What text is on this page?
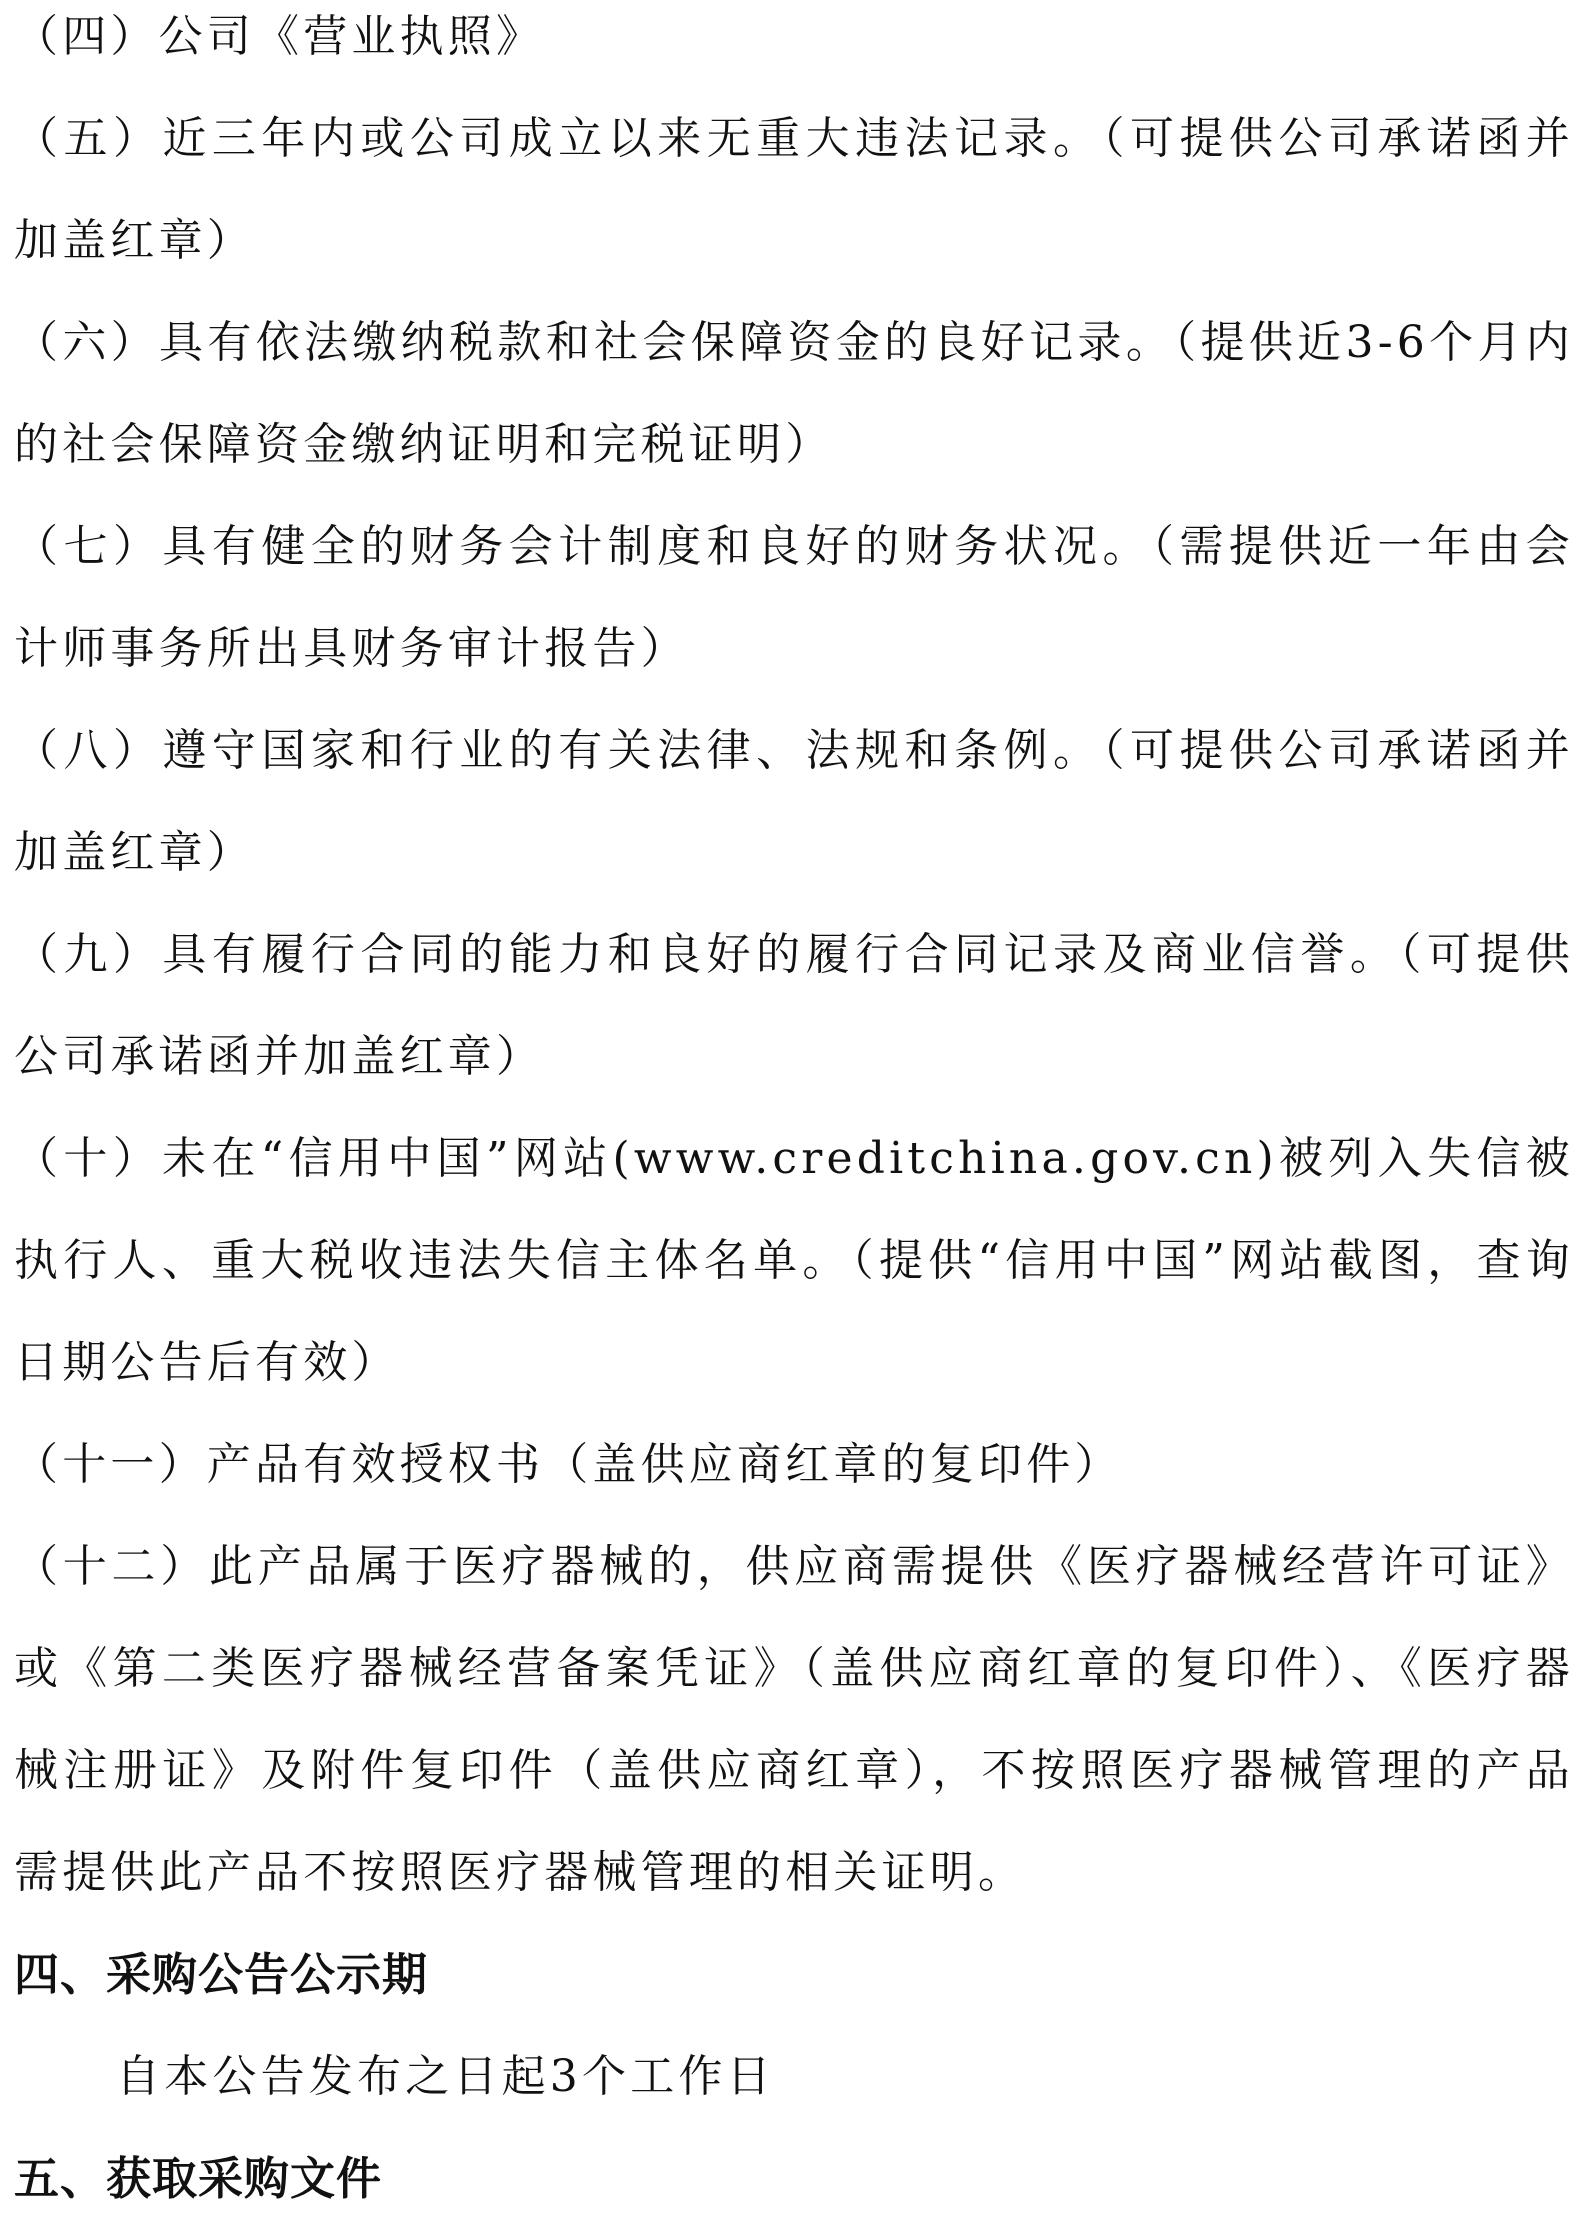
（四）公司《营业执照》

（五）近三年内或公司成立以来无重大违法记录。（可提供公司承诺函并加盖红章）

（六）具有依法缴纳税款和社会保障资金的良好记录。（提供近3-6个月内的社会保障资金缴纳证明和完税证明）

（七）具有健全的财务会计制度和良好的财务状况。（需提供近一年由会计师事务所出具财务审计报告）

（八）遵守国家和行业的有关法律、法规和条例。（可提供公司承诺函并加盖红章）

（九）具有履行合同的能力和良好的履行合同记录及商业信誉。（可提供公司承诺函并加盖红章）

（十）未在“信用中国”网站(www.creditchina.gov.cn)被列入失信被执行人、重大税收违法失信主体名单。（提供“信用中国”网站截图，查询日期公告后有效）

（十一）产品有效授权书（盖供应商红章的复印件）

（十二）此产品属于医疗器械的，供应商需提供《医疗器械经营许可证》或《第二类医疗器械经营备案凭证》（盖供应商红章的复印件）、《医疗器械注册证》及附件复印件（盖供应商红章），不按照医疗器械管理的产品需提供此产品不按照医疗器械管理的相关证明。

四、采购公告公示期

自本公告发布之日起3个工作日

五、获取采购文件
